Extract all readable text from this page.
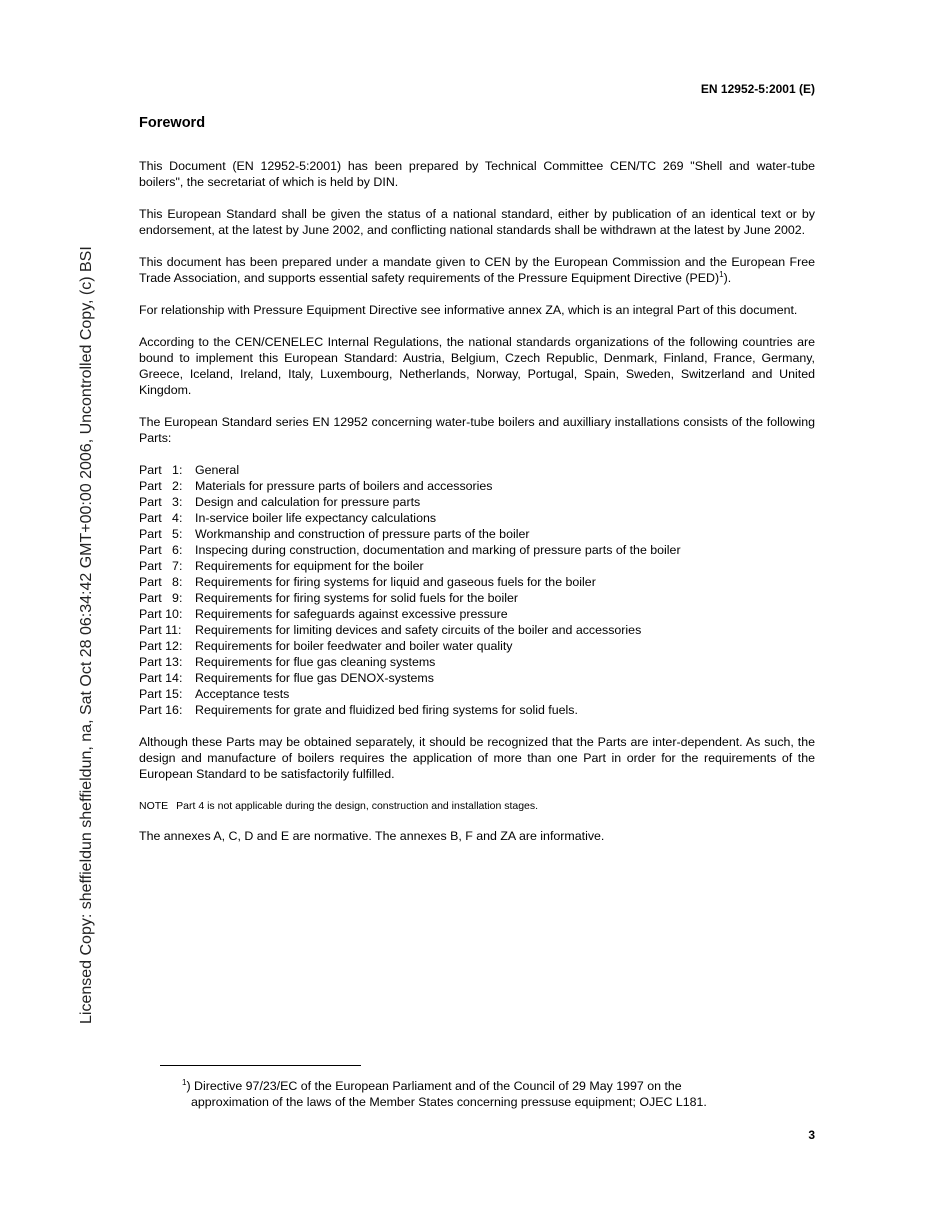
EN 12952-5:2001 (E)
Licensed Copy: sheffieldun sheffieldun, na, Sat Oct 28 06:34:42 GMT+00:00 2006, Uncontrolled Copy, (c) BSI
Foreword

This Document (EN 12952-5:2001) has been prepared by Technical Committee CEN/TC 269 "Shell and water-tube boilers", the secretariat of which is held by DIN.

This European Standard shall be given the status of a national standard, either by publication of an identical text or by endorsement, at the latest by June 2002, and conflicting national standards shall be withdrawn at the latest by June 2002.

This document has been prepared under a mandate given to CEN by the European Commission and the European Free Trade Association, and supports essential safety requirements of the Pressure Equipment Directive (PED)$^1$).

For relationship with Pressure Equipment Directive see informative annex ZA, which is an integral Part of this document.

According to the CEN/CENELEC Internal Regulations, the national standards organizations of the following countries are bound to implement this European Standard: Austria, Belgium, Czech Republic, Denmark, Finland, France, Germany, Greece, Iceland, Ireland, Italy, Luxembourg, Netherlands, Norway, Portugal, Spain, Sweden, Switzerland and United Kingdom.

The European Standard series EN 12952 concerning water-tube boilers and auxilliary installations consists of the following Parts:

Part   1:	General
Part   2:	Materials for pressure parts of boilers and accessories
Part   3:	Design and calculation for pressure parts
Part   4:	In-service boiler life expectancy calculations
Part   5:	Workmanship and construction of pressure parts of the boiler
Part   6:	Inspecing during construction, documentation and marking of pressure parts of the boiler
Part   7:	Requirements for equipment for the boiler
Part   8:	Requirements for firing systems for liquid and gaseous fuels for the boiler
Part   9:	Requirements for firing systems for solid fuels for the boiler
Part 10:	Requirements for safeguards against excessive pressure
Part 11:	Requirements for limiting devices and safety circuits of the boiler and accessories
Part 12:	Requirements for boiler feedwater and boiler water quality
Part 13:	Requirements for flue gas cleaning systems
Part 14:	Requirements for flue gas DENOX-systems
Part 15:	Acceptance tests
Part 16:	Requirements for grate and fluidized bed firing systems for solid fuels.

Although these Parts may be obtained separately, it should be recognized that the Parts are inter-dependent. As such, the design and manufacture of boilers requires the application of more than one Part in order for the requirements of the European Standard to be satisfactorily fulfilled.

NOTE Part 4 is not applicable during the design, construction and installation stages.

The annexes A, C, D and E are normative. The annexes B, F and ZA are informative.

$^1$) Directive 97/23/EC of the European Parliament and of the Council of 29 May 1997 on the
approximation of the laws of the Member States concerning pressuse equipment; OJEC L181.
3
